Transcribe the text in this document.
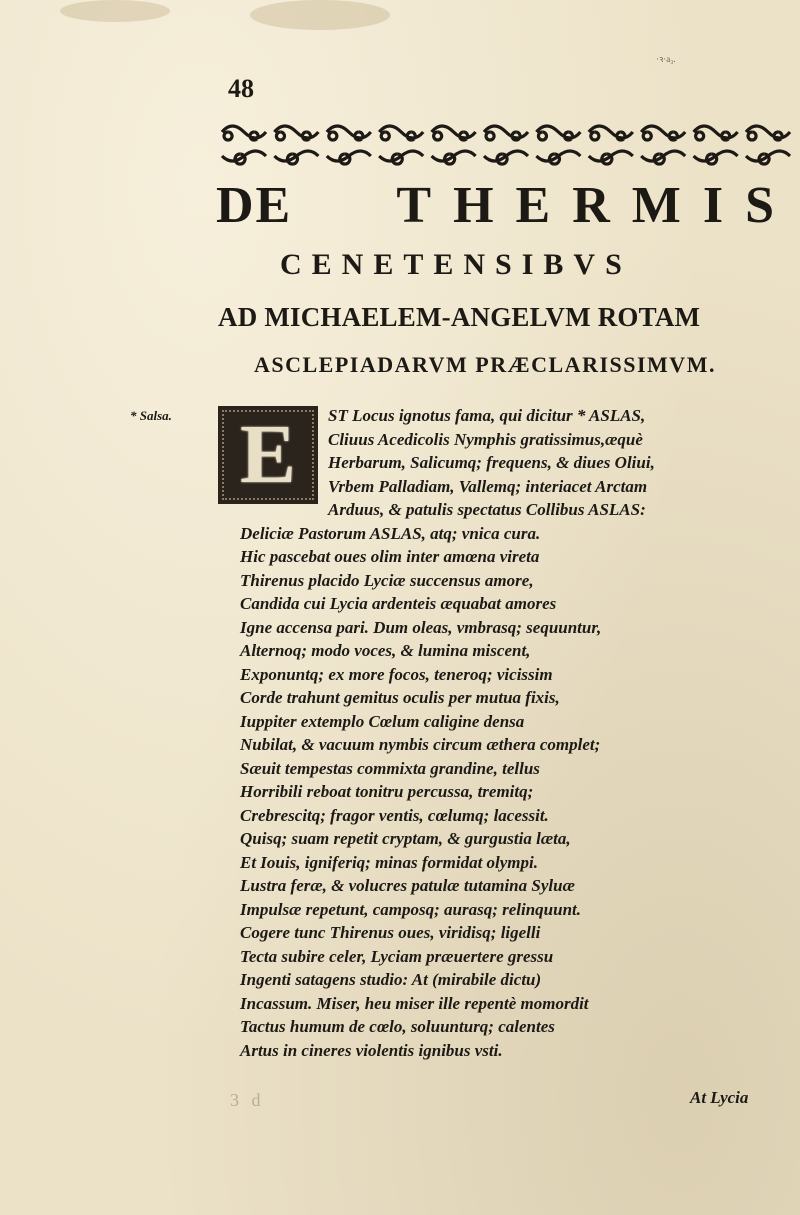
·ꝛ·a₃.
48
DE THERMIS
CENETENSIBVS
AD MICHAELEM-ANGELVM ROTAM
ASCLEPIADARVM PRÆCLARISSIMVM.
* Salsa. E ST Locus ignotus fama, qui dicitur * ASLAS,
Cliuus Acedicolis Nymphis gratissimus,æquè
Herbarum, Salicumq; frequens, & diues Oliui,
Vrbem Palladiam, Vallemq; interiacet Arctam
Arduus, & patulis spectatus Collibus ASLAS:
Deliciæ Pastorum ASLAS, atq; vnica cura.
Hic pascebat oues olim inter amœna vireta
Thirenus placido Lyciæ succensus amore,
Candida cui Lycia ardenteis æquabat amores
Igne accensa pari. Dum oleas, vmbrasq; sequuntur,
Alternoq; modo voces, & lumina miscent,
Exponuntq; ex more focos, teneroq; vicissim
Corde trahunt gemitus oculis per mutua fixis,
Iuppiter extemplo Cœlum caligine densa
Nubilat, & vacuum nymbis circum æthera complet;
Sæuit tempestas commixta grandine, tellus
Horribili reboat tonitru percussa, tremitq;
Crebrescitq; fragor ventis, cœlumq; lacessit.
Quisq; suam repetit cryptam, & gurgustia læta,
Et Iouis, igniferiq; minas formidat olympi.
Lustra feræ, & volucres patulæ tutamina Syluæ
Impulsæ repetunt, camposq; aurasq; relinquunt.
Cogere tunc Thirenus oues, viridisq; ligelli
Tecta subire celer, Lyciam præuertere gressu
Ingenti satagens studio: At (mirabile dictu)
Incassum. Miser, heu miser ille repentè momordit
Tactus humum de cœlo, soluunturq; calentes
Artus in cineres violentis ignibus vsti.
3 d	At Lycia
